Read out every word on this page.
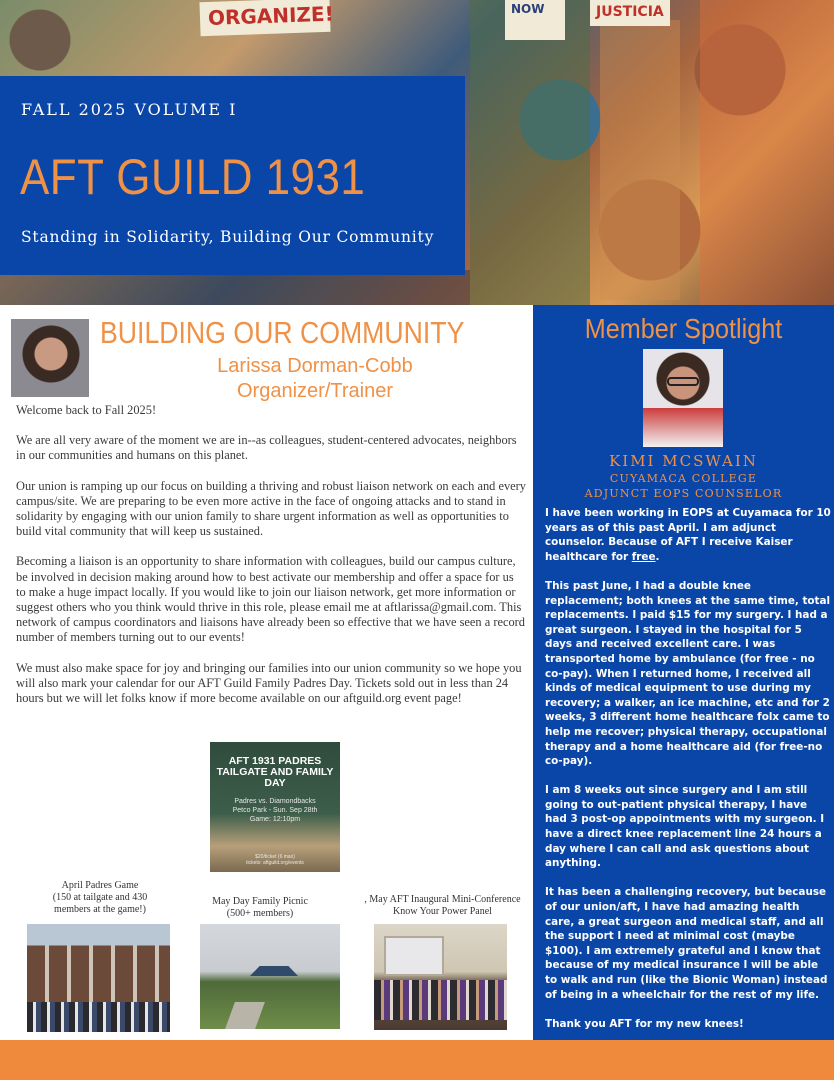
ORGANIZE!	NOW	JUSTICIA
FALL 2025 VOLUME I
AFT GUILD 1931
Standing in Solidarity, Building Our Community
BUILDING OUR COMMUNITY
Larissa Dorman-Cobb
Organizer/Trainer

Welcome back to Fall 2025!

We are all very aware of the moment we are in--as colleagues, student-centered advocates, neighbors in our communities and humans on this planet.

Our union is ramping up our focus on building a thriving and robust liaison network on each and every campus/site. We are preparing to be even more active in the face of ongoing attacks and to stand in solidarity by engaging with our union family to share urgent information as well as opportunities to build vital community that will keep us sustained.

Becoming a liaison is an opportunity to share information with colleagues, build our campus culture, be involved in decision making around how to best activate our membership and offer a space for us to make a huge impact locally. If you would like to join our liaison network, get more information or suggest others who you think would thrive in this role, please email me at aftlarissa@gmail.com. This network of campus coordinators and liaisons have already been so effective that we have seen a record number of members turning out to our events!

We must also make space for joy and bringing our families into our union community so we hope you will also mark your calendar for our AFT Guild Family Padres Day. Tickets sold out in less than 24 hours but we will let folks know if more become available on our aftguild.org event page!

AFT 1931 PADRES TAILGATE AND FAMILY DAY
Padres vs. Diamondbacks
Petco Park - Sun. Sep 28th
Game: 12:10pm
$20/ticket (6 max)
tickets: aftguild.org/events
April Padres Game
(150 at tailgate and 430 members at the game!)
May Day Family Picnic
(500+ members)
, May AFT Inaugural Mini-Conference Know Your Power Panel
Member Spotlight
KIMI MCSWAIN
CUYAMACA COLLEGE
ADJUNCT EOPS COUNSELOR

I have been working in EOPS at Cuyamaca for 10 years as of this past April. I am adjunct counselor. Because of AFT I receive Kaiser healthcare for free.

This past June, I had a double knee replacement; both knees at the same time, total replacements. I paid $15 for my surgery. I had a great surgeon. I stayed in the hospital for 5 days and received excellent care. I was transported home by ambulance (for free - no co-pay). When I returned home, I received all kinds of medical equipment to use during my recovery; a walker, an ice machine, etc and for 2 weeks, 3 different home healthcare folx came to help me recover; physical therapy, occupational therapy and a home healthcare aid (for free-no co-pay).

I am 8 weeks out since surgery and I am still going to out-patient physical therapy, I have had 3 post-op appointments with my surgeon. I have a direct knee replacement line 24 hours a day where I can call and ask questions about anything.

It has been a challenging recovery, but because of our union/aft, I have had amazing health care, a great surgeon and medical staff, and all the support I need at minimal cost (maybe $100). I am extremely grateful and I know that because of my medical insurance I will be able to walk and run (like the Bionic Woman) instead of being in a wheelchair for the rest of my life.

Thank you AFT for my new knees!
